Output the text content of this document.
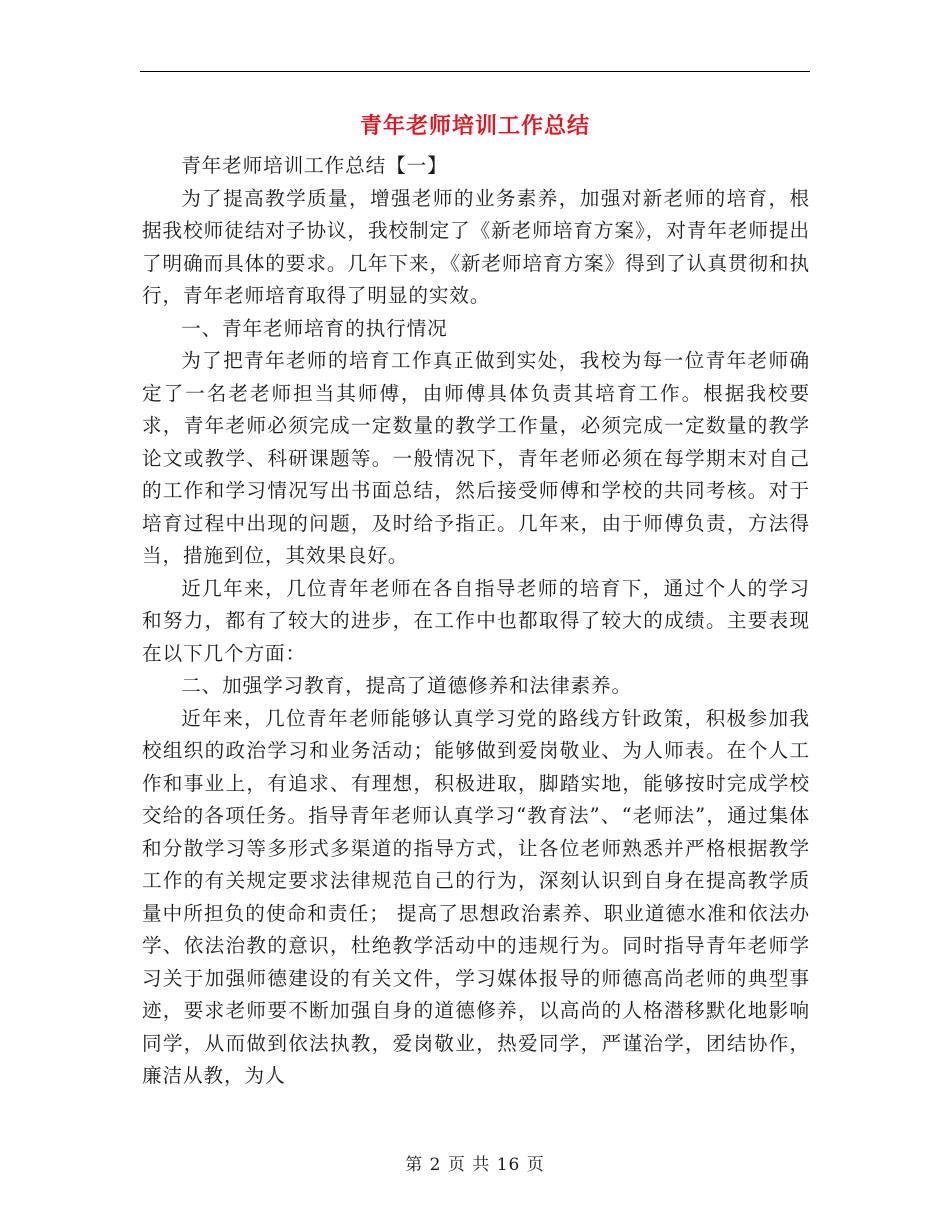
青年老师培训工作总结

青年老师培训工作总结【一】

为了提高教学质量，增强老师的业务素养，加强对新老师的培育，根据我校师徒结对子协议，我校制定了《新老师培育方案》，对青年老师提出了明确而具体的要求。几年下来，《新老师培育方案》得到了认真贯彻和执行，青年老师培育取得了明显的实效。

一、青年老师培育的执行情况

为了把青年老师的培育工作真正做到实处，我校为每一位青年老师确定了一名老老师担当其师傅，由师傅具体负责其培育工作。根据我校要求，青年老师必须完成一定数量的教学工作量，必须完成一定数量的教学论文或教学、科研课题等。一般情况下，青年老师必须在每学期末对自己的工作和学习情况写出书面总结，然后接受师傅和学校的共同考核。对于培育过程中出现的问题，及时给予指正。几年来，由于师傅负责，方法得当，措施到位，其效果良好。

近几年来，几位青年老师在各自指导老师的培育下，通过个人的学习和努力，都有了较大的进步，在工作中也都取得了较大的成绩。主要表现在以下几个方面：

二、加强学习教育，提高了道德修养和法律素养。

近年来，几位青年老师能够认真学习党的路线方针政策，积极参加我校组织的政治学习和业务活动；能够做到爱岗敬业、为人师表。在个人工作和事业上，有追求、有理想，积极进取，脚踏实地，能够按时完成学校交给的各项任务。指导青年老师认真学习“教育法”、“老师法”，通过集体和分散学习等多形式多渠道的指导方式，让各位老师熟悉并严格根据教学工作的有关规定要求法律规范自己的行为，深刻认识到自身在提高教学质量中所担负的使命和责任； 提高了思想政治素养、职业道德水准和依法办学、依法治教的意识，杜绝教学活动中的违规行为。同时指导青年老师学习关于加强师德建设的有关文件，学习媒体报导的师德高尚老师的典型事迹，要求老师要不断加强自身的道德修养，以高尚的人格潜移默化地影响同学，从而做到依法执教，爱岗敬业，热爱同学，严谨治学，团结协作，廉洁从教，为人

第 2 页 共 16 页
